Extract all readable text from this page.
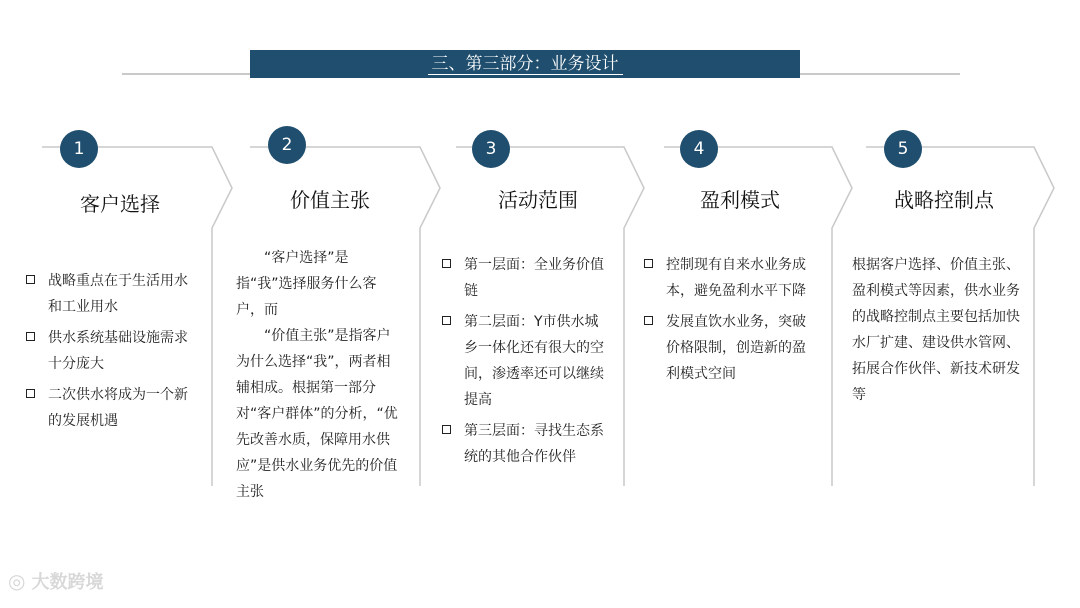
三、第三部分：业务设计
1
客户选择
战略重点在于生活用水和工业用水
供水系统基础设施需求十分庞大
二次供水将成为一个新的发展机遇
2
价值主张

“客户选择”是指“我”选择服务什么客户，而

“价值主张”是指客户为什么选择“我”，两者相辅相成。根据第一部分对“客户群体”的分析，“优先改善水质，保障用水供应”是供水业务优先的价值主张

3
活动范围
第一层面：全业务价值链
第二层面：Y市供水城乡一体化还有很大的空间，渗透率还可以继续提高
第三层面：寻找生态系统的其他合作伙伴
4
盈利模式
控制现有自来水业务成本，避免盈利水平下降
发展直饮水业务，突破价格限制，创造新的盈利模式空间
5
战略控制点

根据客户选择、价值主张、盈利模式等因素，供水业务的战略控制点主要包括加快水厂扩建、建设供水管网、拓展合作伙伴、新技术研发等

◎ 大数跨境
